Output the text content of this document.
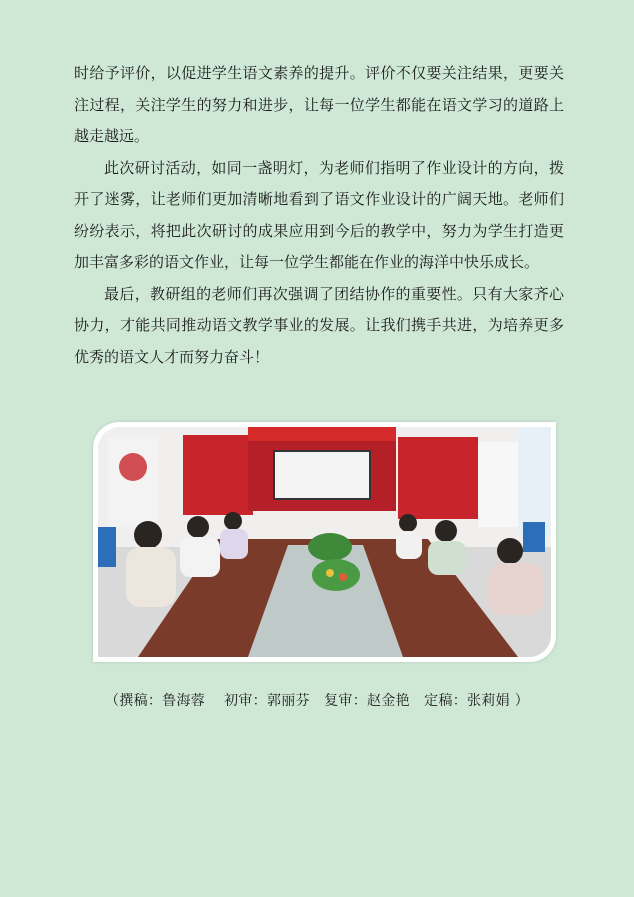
时给予评价，以促进学生语文素养的提升。评价不仅要关注结果，更要关注过程，关注学生的努力和进步，让每一位学生都能在语文学习的道路上越走越远。

此次研讨活动，如同一盏明灯，为老师们指明了作业设计的方向，拨开了迷雾，让老师们更加清晰地看到了语文作业设计的广阔天地。老师们纷纷表示，将把此次研讨的成果应用到今后的教学中，努力为学生打造更加丰富多彩的语文作业，让每一位学生都能在作业的海洋中快乐成长。

最后，教研组的老师们再次强调了团结协作的重要性。只有大家齐心协力，才能共同推动语文教学事业的发展。让我们携手共进，为培养更多优秀的语文人才而努力奋斗！

（撰稿：鲁海蓉    初审：郭丽芬   复审：赵金艳   定稿：张莉娟 ）
